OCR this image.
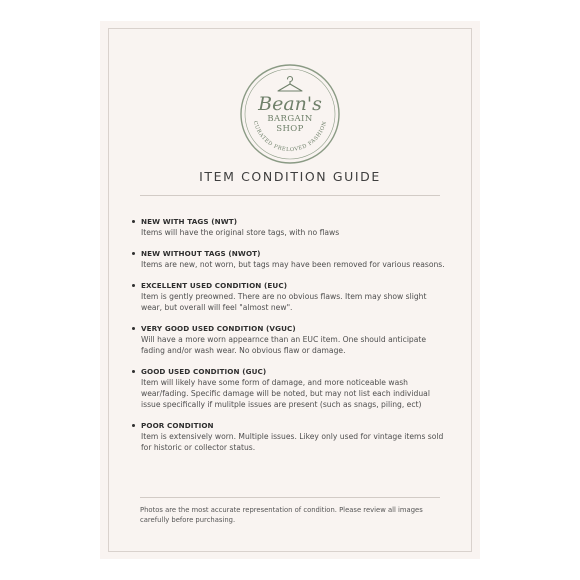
Bean's
BARGAIN
SHOP
CURATED PRELOVED FASHION
ITEM CONDITION GUIDE
NEW WITH TAGS (NWT)
Items will have the original store tags, with no flaws
NEW WITHOUT TAGS (NWOT)
Items are new, not worn, but tags may have been removed for various reasons.
EXCELLENT USED CONDITION (EUC)
Item is gently preowned. There are no obvious flaws. Item may show slight wear, but overall will feel "almost new".
VERY GOOD USED CONDITION (VGUC)
Will have a more worn appearnce than an EUC item. One should anticipate fading and/or wash wear. No obvious flaw or damage.
GOOD USED CONDITION (GUC)
Item will likely have some form of damage, and more noticeable wash wear/fading. Specific damage will be noted, but may not list each individual issue specifically if mulitple issues are present (such as snags, piling, ect)
POOR CONDITION
Item is extensively worn. Multiple issues. Likey only used for vintage items sold for historic or collector status.

Photos are the most accurate representation of condition. Please review all images carefully before purchasing.
